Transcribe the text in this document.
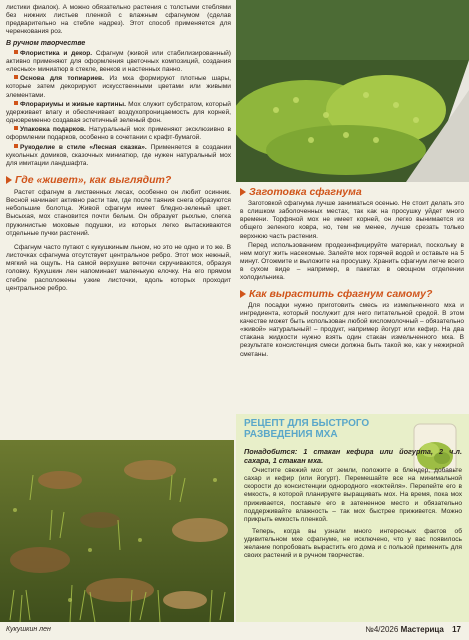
листики фиалок). А можно обязательно растения с толстыми стеблями без нижних листьев пленкой с влажным сфагнумом (сделав предварительно на стебле надрез). Этот способ применяется для черенкования роз.

В ручном творчестве

Флористика и декор. Сфагнум (живой или стабилизированный) активно применяют для оформления цветочных композиций, создания «лесных» миниатюр в стекле, венков и настенных панно.

Основа для топиариев. Из мха формируют плотные шары, которые затем декорируют искусственными цветами или живыми элементами.

Флорариумы и живые картины. Мох служит субстратом, который удерживает влагу и обеспечивает воздухопроницаемость для корней, одновременно создавая эстетичный зеленый фон.

Упаковка подарков. Натуральный мох применяют эксклюзивно в оформлении подарков, особенно в сочетании с крафт-бумагой.

Рукоделие в стиле «Лесная сказка». Применяется в создании кукольных домиков, сказочных миниатюр, где нужен натуральный мох для имитации ландшафта.

Где «живет», как выглядит?

Растет сфагнум в лиственных лесах, особенно он любит осинник. Весной начинает активно расти там, где после таяния снега образуются небольшие болотца. Живой сфагнум имеет бледно-зеленый цвет. Высыхая, мох становится почти белым. Он образует рыхлые, слегка пружинистые моховые подушки, из которых легко вытаскиваются отдельные пучки растений.

Сфагнум часто путают с кукушкиным льном, но это не одно и то же. В листочках сфагнума отсутствует центральное ребро. Этот мох нежный, мягкий на ощупь. На самой верхушке веточки скручиваются, образуя головку. Кукушкин лен напоминает маленькую елочку. На его прямом стебле расположены узкие листочки, вдоль которых проходит центральное ребро.

Кукушкин лен
Заготовка сфагнума

Заготовкой сфагнума лучше заниматься осенью. Не стоит делать это в слишком заболоченных местах, так как на просушку уйдет много времени. Торфяной мох не имеет корней, он легко вынимается из общего зеленого ковра, но, тем не менее, лучше срезать только верхнюю часть растения.

Перед использованием продезинфицируйте материал, поскольку в нем могут жить насекомые. Залейте мох горячей водой и оставьте на 5 минут. Отожмите и выложите на просушку. Хранить сфагнум легче всего в сухом виде – например, в пакетах в овощном отделении холодильника.

Как вырастить сфагнум самому?

Для посадки нужно приготовить смесь из измельченного мха и ингредиента, который послужит для него питательной средой. В этом качестве может быть использован любой кисломолочный – обязательно «живой» натуральный! – продукт, например йогурт или кефир. На два стакана жидкости нужно взять один стакан измельченного мха. В результате консистенция смеси должна быть такой же, как у нежирной сметаны.

РЕЦЕПТ ДЛЯ БЫСТРОГО РАЗВЕДЕНИЯ МХА

Понадобится: 1 стакан кефира или йогурта, 2 ч.л. сахара, 1 стакан мха.

Очистите свежий мох от земли, положите в блендер, добавьте сахар и кефир (или йогурт). Перемешайте все на минимальной скорости до консистенции однородного «коктейля». Перелейте его в емкость, в которой планируете выращивать мох. На время, пока мох приживается, поставьте его в затененное место и обязательно поддерживайте влажность – так мох быстрее приживется. Можно прикрыть емкость пленкой.

Теперь, когда вы узнали много интересных фактов об удивительном мхе сфагнуме, не исключено, что у вас появилось желание попробовать вырастить его дома и с пользой применить для своих растений и в ручном творчестве.

№4/2026 Мастерица 17
